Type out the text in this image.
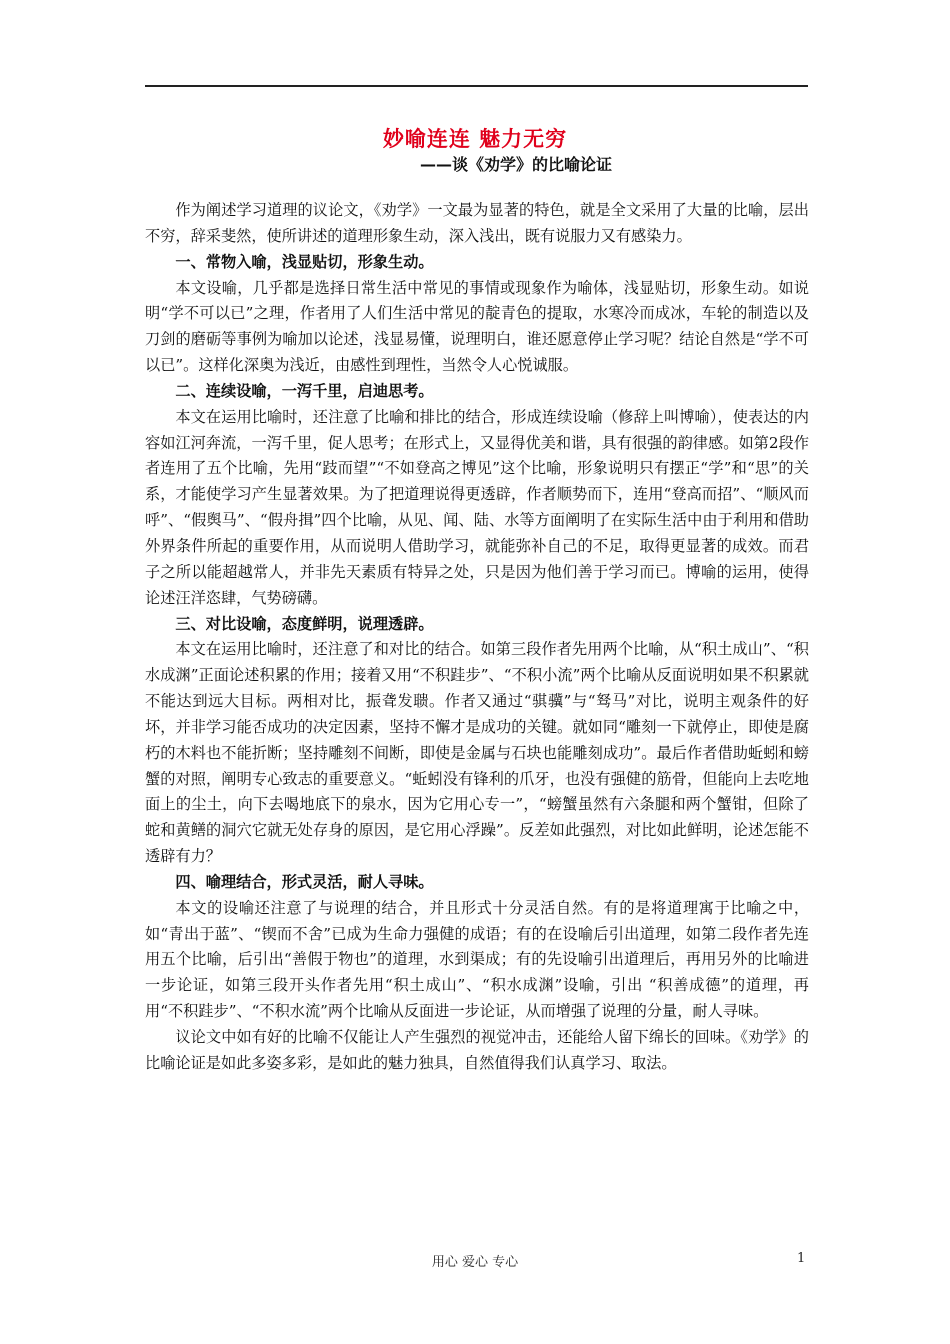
妙喻连连 魅力无穷
——谈《劝学》的比喻论证

作为阐述学习道理的议论文，《劝学》一文最为显著的特色，就是全文采用了大量的比喻，层出不穷，辞采斐然，使所讲述的道理形象生动，深入浅出，既有说服力又有感染力。

一、常物入喻，浅显贴切，形象生动。

本文设喻，几乎都是选择日常生活中常见的事情或现象作为喻体，浅显贴切，形象生动。如说明“学不可以已”之理，作者用了人们生活中常见的靛青色的提取，水寒冷而成冰，车轮的制造以及刀剑的磨砺等事例为喻加以论述，浅显易懂，说理明白，谁还愿意停止学习呢？结论自然是“学不可以已”。这样化深奥为浅近，由感性到理性，当然令人心悦诚服。

二、连续设喻，一泻千里，启迪思考。

本文在运用比喻时，还注意了比喻和排比的结合，形成连续设喻（修辞上叫博喻），使表达的内容如江河奔流，一泻千里，促人思考；在形式上，又显得优美和谐，具有很强的韵律感。如第2段作者连用了五个比喻，先用“跂而望”“不如登高之博见”这个比喻，形象说明只有摆正“学”和“思”的关系，才能使学习产生显著效果。为了把道理说得更透辟，作者顺势而下，连用“登高而招”、“顺风而呼”、“假舆马”、“假舟揖”四个比喻，从见、闻、陆、水等方面阐明了在实际生活中由于利用和借助外界条件所起的重要作用，从而说明人借助学习，就能弥补自己的不足，取得更显著的成效。而君子之所以能超越常人，并非先天素质有特异之处，只是因为他们善于学习而已。博喻的运用，使得论述汪洋恣肆，气势磅礴。

三、对比设喻，态度鲜明，说理透辟。

本文在运用比喻时，还注意了和对比的结合。如第三段作者先用两个比喻，从“积土成山”、“积水成渊”正面论述积累的作用；接着又用“不积跬步”、“不积小流”两个比喻从反面说明如果不积累就不能达到远大目标。两相对比，振聋发聩。作者又通过“骐骥”与“驽马”对比，说明主观条件的好坏，并非学习能否成功的决定因素，坚持不懈才是成功的关键。就如同“雕刻一下就停止，即使是腐朽的木料也不能折断；坚持雕刻不间断，即使是金属与石块也能雕刻成功”。最后作者借助蚯蚓和螃蟹的对照，阐明专心致志的重要意义。“蚯蚓没有锋利的爪牙，也没有强健的筋骨，但能向上去吃地面上的尘土，向下去喝地底下的泉水，因为它用心专一”，“螃蟹虽然有六条腿和两个蟹钳，但除了蛇和黄鳝的洞穴它就无处存身的原因，是它用心浮躁”。反差如此强烈，对比如此鲜明，论述怎能不透辟有力？

四、喻理结合，形式灵活，耐人寻味。

本文的设喻还注意了与说理的结合，并且形式十分灵活自然。有的是将道理寓于比喻之中，如“青出于蓝”、“锲而不舍”已成为生命力强健的成语；有的在设喻后引出道理，如第二段作者先连用五个比喻，后引出“善假于物也”的道理，水到渠成；有的先设喻引出道理后，再用另外的比喻进一步论证，如第三段开头作者先用“积土成山”、“积水成渊”设喻，引出 “积善成德”的道理，再用“不积跬步”、“不积水流”两个比喻从反面进一步论证，从而增强了说理的分量，耐人寻味。

议论文中如有好的比喻不仅能让人产生强烈的视觉冲击，还能给人留下绵长的回味。《劝学》的比喻论证是如此多姿多彩，是如此的魅力独具，自然值得我们认真学习、取法。

用心 爱心 专心	1
